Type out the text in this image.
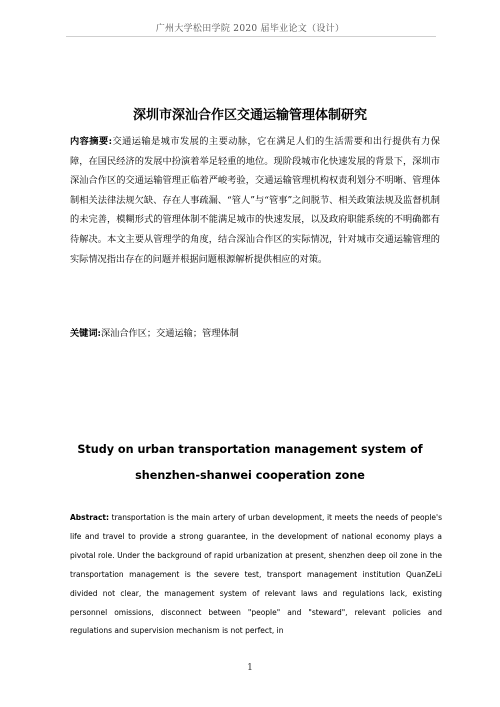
广州大学松田学院 2020 届毕业论文（设计）
深圳市深汕合作区交通运输管理体制研究
内容摘要:交通运输是城市发展的主要动脉，它在满足人们的生活需要和出行提供有力保障，在国民经济的发展中扮演着举足轻重的地位。现阶段城市化快速发展的背景下，深圳市深汕合作区的交通运输管理正临着严峻考验，交通运输管理机构权责利划分不明晰、管理体制相关法律法规欠缺、存在人事疏漏、“管人”与“管事”之间脱节、相关政策法规及监督机制的未完善，模糊形式的管理体制不能满足城市的快速发展，以及政府职能系统的不明确都有待解决。本文主要从管理学的角度，结合深汕合作区的实际情况，针对城市交通运输管理的实际情况指出存在的问题并根据问题根源解析提供相应的对策。
关键词:深汕合作区；交通运输；管理体制
Study on urban transportation management system of
shenzhen-shanwei cooperation zone
Abstract: transportation is the main artery of urban development, it meets the needs of people's life and travel to provide a strong guarantee, in the development of national economy plays a pivotal role. Under the background of rapid urbanization at present, shenzhen deep oil zone in the transportation management is the severe test, transport management institution QuanZeLi divided not clear, the management system of relevant laws and regulations lack, existing personnel omissions, disconnect between "people" and "steward", relevant policies and regulations and supervision mechanism is not perfect, in
1
